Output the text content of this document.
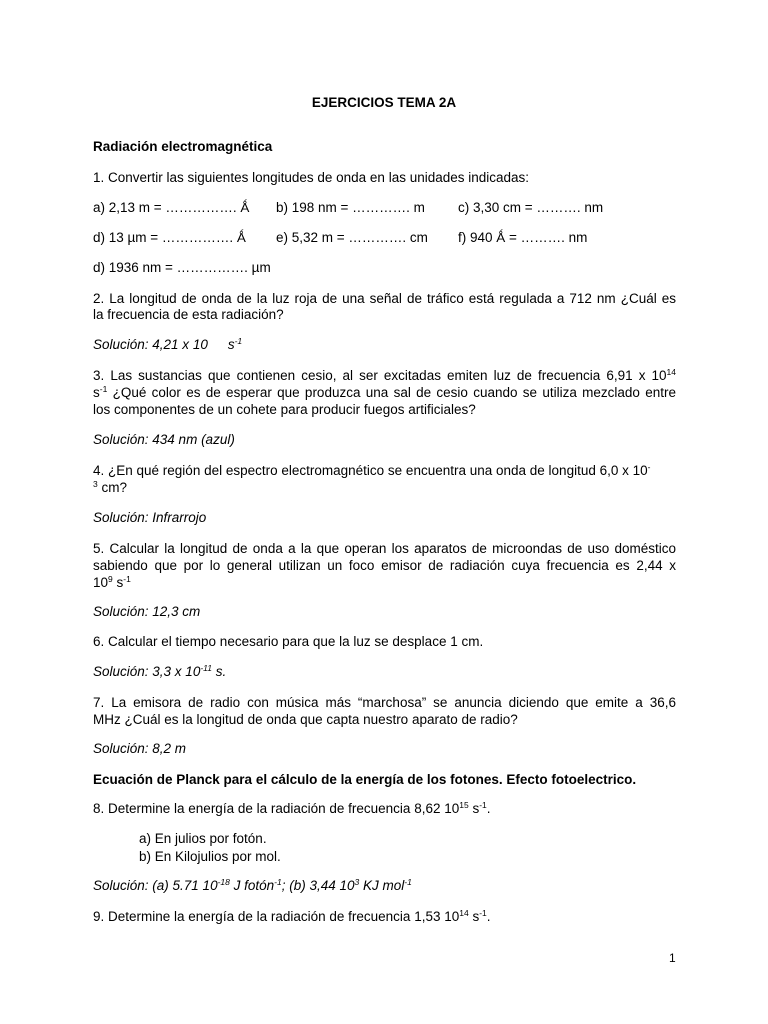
EJERCICIOS TEMA 2A
Radiación electromagnética
1. Convertir las siguientes longitudes de onda en las unidades indicadas:
a) 2,13 m = ……………. Ǻ b) 198 nm = …………. m c) 3,30 cm = ………. nm
d) 13 µm = ……………. Ǻ e) 5,32 m = …………. cm f) 940 Ǻ = ………. nm
d) 1936 nm = ……………. µm
2. La longitud de onda de la luz roja de una señal de tráfico está regulada a 712 nm ¿Cuál es
la frecuencia de esta radiación?
Solución: 4,21 x 10 $s^{-1}$
3. Las sustancias que contienen cesio, al ser excitadas emiten luz de frecuencia 6,91 x $10^{14}$
$s^{-1}$ ¿Qué color es de esperar que produzca una sal de cesio cuando se utiliza mezclado entre
los componentes de un cohete para producir fuegos artificiales?
Solución: 434 nm (azul)
4. ¿En qué región del espectro electromagnético se encuentra una onda de longitud 6,0 x 10-
$^3$ cm?
Solución: Infrarrojo
5. Calcular la longitud de onda a la que operan los aparatos de microondas de uso doméstico
sabiendo que por lo general utilizan un foco emisor de radiación cuya frecuencia es 2,44 x
$10^9$ $s^{-1}$
Solución: 12,3 cm
6. Calcular el tiempo necesario para que la luz se desplace 1 cm.
Solución: 3,3 x $10^{-11}$ s.
7. La emisora de radio con música más “marchosa” se anuncia diciendo que emite a 36,6
MHz ¿Cuál es la longitud de onda que capta nuestro aparato de radio?
Solución: 8,2 m
Ecuación de Planck para el cálculo de la energía de los fotones. Efecto fotoelectrico.
8. Determine la energía de la radiación de frecuencia 8,62 $10^{15}$ $s^{-1}$.
a) En julios por fotón.
b) En Kilojulios por mol.
Solución: (a) 5.71 $10^{-18}$ J fotón$^{-1}$; (b) 3,44 $10^3$ KJ mol$^{-1}$
9. Determine la energía de la radiación de frecuencia 1,53 $10^{14}$ $s^{-1}$.
1
